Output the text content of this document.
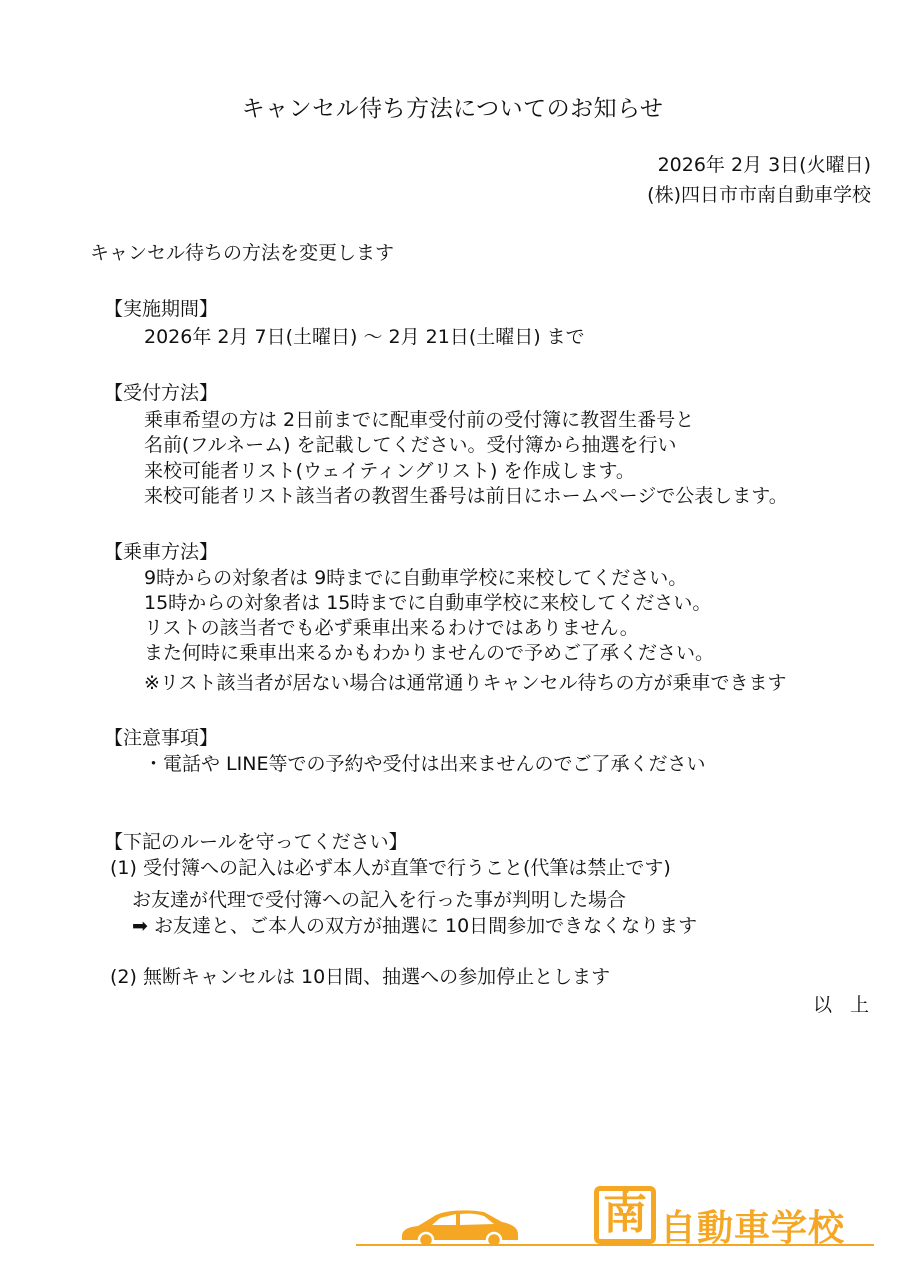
キャンセル待ち方法についてのお知らせ
2026年 2月 3日(火曜日)
(株)四日市市南自動車学校
キャンセル待ちの方法を変更します
【実施期間】
2026年 2月 7日(土曜日) ～ 2月 21日(土曜日) まで
【受付方法】
乗車希望の方は 2日前までに配車受付前の受付簿に教習生番号と
名前(フルネーム) を記載してください。受付簿から抽選を行い
来校可能者リスト(ウェイティングリスト) を作成します。
来校可能者リスト該当者の教習生番号は前日にホームページで公表します。
【乗車方法】
9時からの対象者は 9時までに自動車学校に来校してください。
15時からの対象者は 15時までに自動車学校に来校してください。
リストの該当者でも必ず乗車出来るわけではありません。
また何時に乗車出来るかもわかりませんので予めご了承ください。
※リスト該当者が居ない場合は通常通りキャンセル待ちの方が乗車できます
【注意事項】
・電話や LINE等での予約や受付は出来ませんのでご了承ください
【下記のルールを守ってください】
(1) 受付簿への記入は必ず本人が直筆で行うこと(代筆は禁止です)
お友達が代理で受付簿への記入を行った事が判明した場合
➡ お友達と、ご本人の双方が抽選に 10日間参加できなくなります
(2) 無断キャンセルは 10日間、抽選への参加停止とします
以上
南 自動車学校
